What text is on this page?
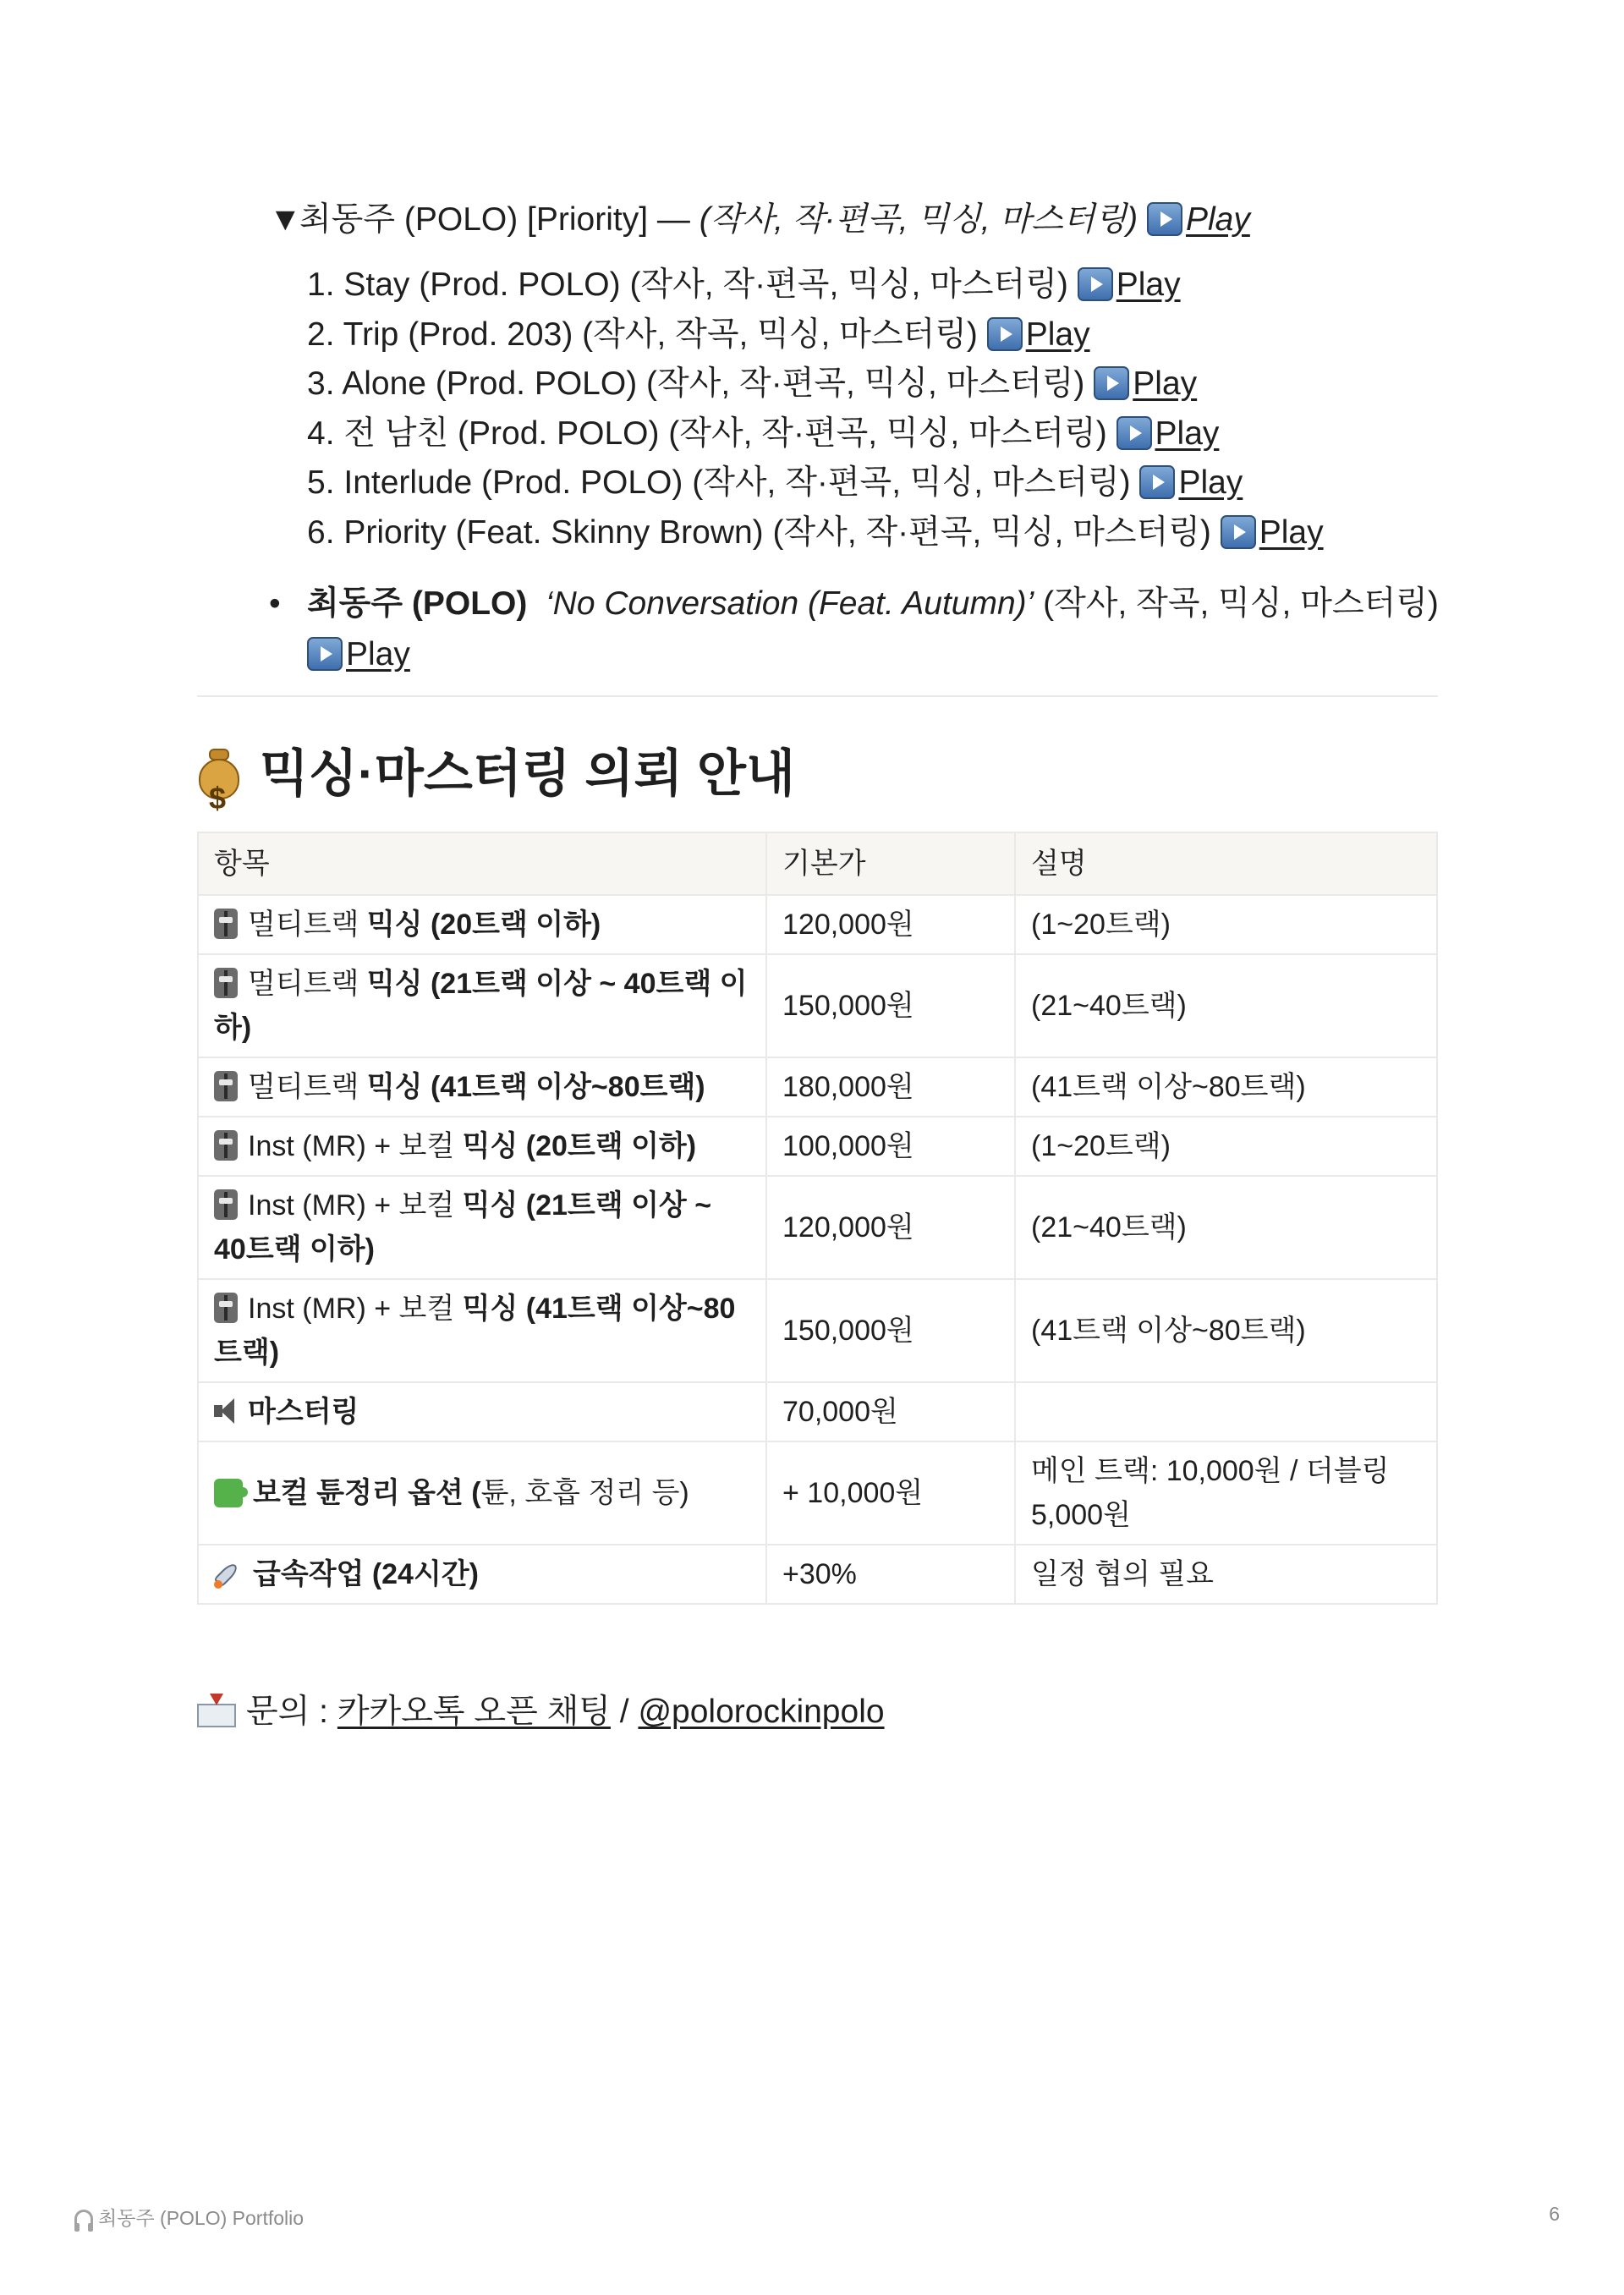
▼최동주 (POLO) [Priority] — (작사, 작·편곡, 믹싱, 마스터링) Play
1. Stay (Prod. POLO) (작사, 작·편곡, 믹싱, 마스터링) Play
2. Trip (Prod. 203) (작사, 작곡, 믹싱, 마스터링) Play
3. Alone (Prod. POLO) (작사, 작·편곡, 믹싱, 마스터링) Play
4. 전 남친 (Prod. POLO) (작사, 작·편곡, 믹싱, 마스터링) Play
5. Interlude (Prod. POLO) (작사, 작·편곡, 믹싱, 마스터링) Play
6. Priority (Feat. Skinny Brown) (작사, 작·편곡, 믹싱, 마스터링) Play
• 최동주 (POLO) ‘No Conversation (Feat. Autumn)’ (작사, 작곡, 믹싱, 마스터링) Play
$믹싱·마스터링 의뢰 안내
항목	기본가	설명
멀티트랙 믹싱 (20트랙 이하)	120,000원	(1~20트랙)
멀티트랙 믹싱 (21트랙 이상 ~ 40트랙 이하)	150,000원	(21~40트랙)
멀티트랙 믹싱 (41트랙 이상~80트랙)	180,000원	(41트랙 이상~80트랙)
Inst (MR) + 보컬 믹싱 (20트랙 이하)	100,000원	(1~20트랙)
Inst (MR) + 보컬 믹싱 (21트랙 이상 ~ 40트랙 이하)	120,000원	(21~40트랙)
Inst (MR) + 보컬 믹싱 (41트랙 이상~80트랙)	150,000원	(41트랙 이상~80트랙)
마스터링	70,000원	
보컬 튠정리 옵션 (튠, 호흡 정리 등)	+ 10,000원	메인 트랙: 10,000원 / 더블링 5,000원
급속작업 (24시간)	+30%	일정 협의 필요
문의 : 카카오톡 오픈 채팅 / @polorockinpolo
최동주 (POLO) Portfolio	6
